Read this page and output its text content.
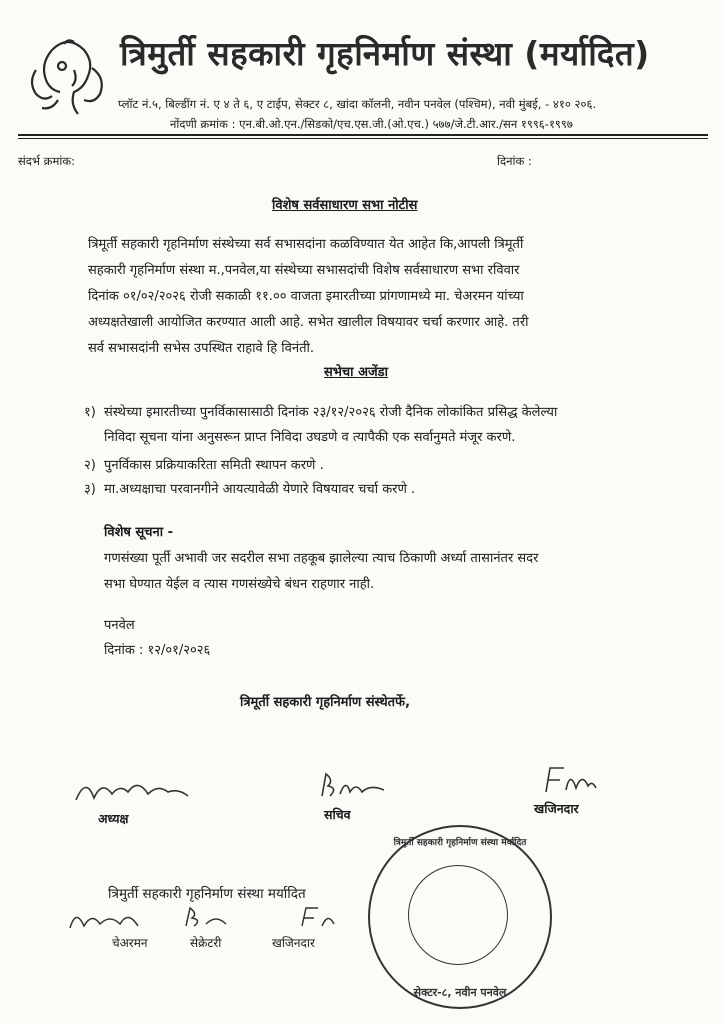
त्रिमुर्ती सहकारी गृहनिर्माण संस्था (मर्यादित)
प्लॉट नं.५, बिल्डींग नं. ए ४ ते ६, ए टाईप, सेक्टर ८, खांदा कॉलनी, नवीन पनवेल (पश्चिम), नवी मुंबई, - ४१० २०६.
नोंदणी क्रमांक : एन.बी.ओ.एन./सिडको/एच.एस.जी.(ओ.एच.) ५७७/जे.टी.आर./सन १९९६-१९९७
संदर्भ क्रमांक:	दिनांक :
विशेष सर्वसाधारण सभा नोटीस
त्रिमूर्ती सहकारी गृहनिर्माण संस्थेच्या सर्व सभासदांना कळविण्यात येत आहेत कि,आपली त्रिमूर्ती
सहकारी गृहनिर्माण संस्था म.,पनवेल,या संस्थेच्या सभासदांची विशेष सर्वसाधारण सभा रविवार
दिनांक ०१/०२/२०२६ रोजी सकाळी ११.०० वाजता इमारतीच्या प्रांगणामध्ये मा. चेअरमन यांच्या
अध्यक्षतेखाली आयोजित करण्यात आली आहे. सभेत खालील विषयावर चर्चा करणार आहे. तरी
सर्व सभासदांनी सभेस उपस्थित राहावे हि विनंती.
सभेचा अजेंडा
१) संस्थेच्या इमारतीच्या पुनर्विकासासाठी दिनांक २३/१२/२०२६ रोजी दैनिक लोकांकित प्रसिद्ध केलेल्या
निविदा सूचना यांना अनुसरून प्राप्त निविदा उघडणे व त्यापैकी एक सर्वानुमते मंजूर करणे.
२) पुनर्विकास प्रक्रियाकरिता समिती स्थापन करणे .
३) मा.अध्यक्षाचा परवानगीने आयत्यावेळी येणारे विषयावर चर्चा करणे .
विशेष सूचना -
गणसंख्या पूर्ती अभावी जर सदरील सभा तहकूब झालेल्या त्याच ठिकाणी अर्ध्या तासानंतर सदर
सभा घेण्यात येईल व त्यास गणसंख्येचे बंधन राहणार नाही.
पनवेल
दिनांक : १२/०१/२०२६
त्रिमूर्ती सहकारी गृहनिर्माण संस्थेतर्फे,
अध्यक्ष	सचिव	खजिनदार
त्रिमुर्ती सहकारी गृहनिर्माण संस्था मर्यादित
चेअरमन	सेक्रेटरी	खजिनदार
त्रिमुर्ती सहकारी गृहनिर्माण संस्था मर्यादित
सेक्टर-८, नवीन पनवेल
